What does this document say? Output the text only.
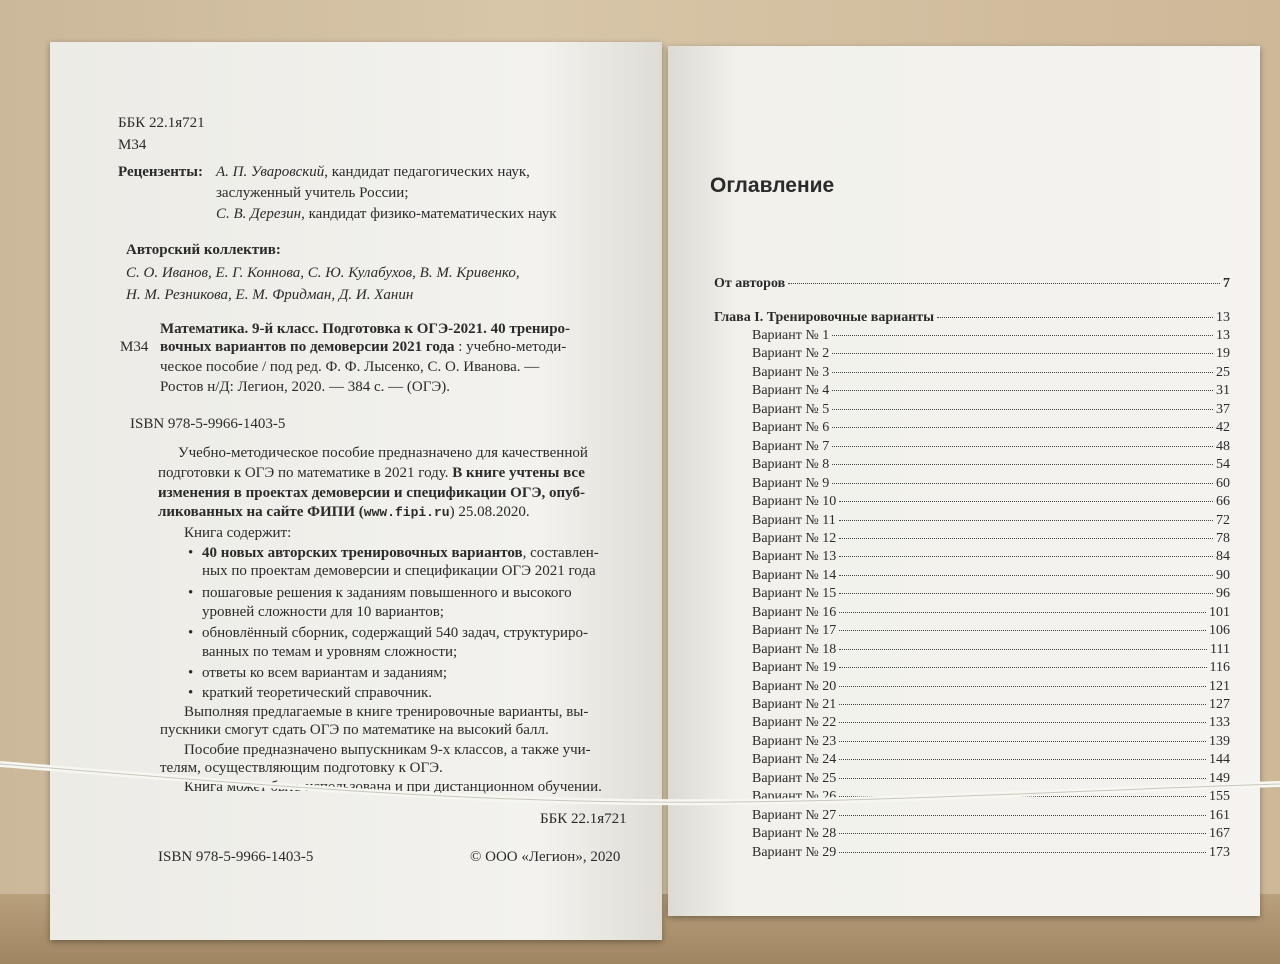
ББК 22.1я721
М34
Рецензенты: А. П. Уваровский, кандидат педагогических наук,
заслуженный учитель России;
С. В. Дерезин, кандидат физико-математических наук
Авторский коллектив:
С. О. Иванов, Е. Г. Коннова, С. Ю. Кулабухов, В. М. Кривенко,
Н. М. Резникова, Е. М. Фридман, Д. И. Ханин
Математика. 9-й класс. Подготовка к ОГЭ-2021. 40 трениро-
М34 вочных вариантов по демоверсии 2021 года : учебно-методи-
ческое пособие / под ред. Ф. Ф. Лысенко, С. О. Иванова. —
Ростов н/Д: Легион, 2020. — 384 с. — (ОГЭ).
ISBN 978-5-9966-1403-5
Учебно-методическое пособие предназначено для качественной
подготовки к ОГЭ по математике в 2021 году. В книге учтены все
изменения в проектах демоверсии и спецификации ОГЭ, опуб-
ликованных на сайте ФИПИ (www.fipi.ru) 25.08.2020.
Книга содержит:
• 40 новых авторских тренировочных вариантов, составлен-
ных по проектам демоверсии и спецификации ОГЭ 2021 года
• пошаговые решения к заданиям повышенного и высокого
уровней сложности для 10 вариантов;
• обновлённый сборник, содержащий 540 задач, структуриро-
ванных по темам и уровням сложности;
• ответы ко всем вариантам и заданиям;
• краткий теоретический справочник.
Выполняя предлагаемые в книге тренировочные варианты, вы-
пускники смогут сдать ОГЭ по математике на высокий балл.
Пособие предназначено выпускникам 9-х классов, а также учи-
телям, осуществляющим подготовку к ОГЭ.
Книга может быть использована и при дистанционном обучении.
ББК 22.1я721
ISBN 978-5-9966-1403-5	© ООО «Легион», 2020
Оглавление
От авторов	7
Глава I. Тренировочные варианты	13
Вариант № 1	13
Вариант № 2	19
Вариант № 3	25
Вариант № 4	31
Вариант № 5	37
Вариант № 6	42
Вариант № 7	48
Вариант № 8	54
Вариант № 9	60
Вариант № 10	66
Вариант № 11	72
Вариант № 12	78
Вариант № 13	84
Вариант № 14	90
Вариант № 15	96
Вариант № 16	101
Вариант № 17	106
Вариант № 18	111
Вариант № 19	116
Вариант № 20	121
Вариант № 21	127
Вариант № 22	133
Вариант № 23	139
Вариант № 24	144
Вариант № 25	149
Вариант № 26	155
Вариант № 27	161
Вариант № 28	167
Вариант № 29	173
